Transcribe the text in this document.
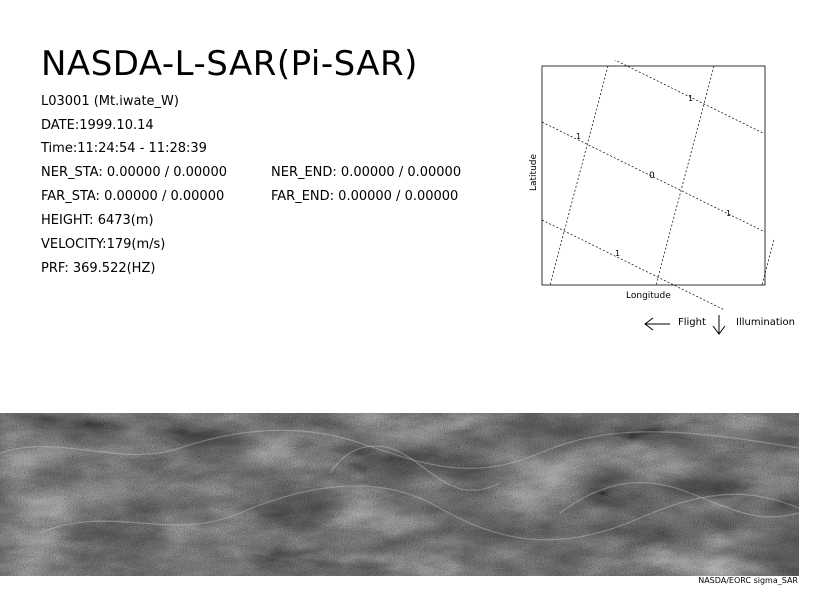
NASDA-L-SAR(Pi-SAR)
L03001 (Mt.iwate_W)
DATE:1999.10.14
Time:11:24:54 - 11:28:39
NER_STA: 0.00000 / 0.00000	NER_END: 0.00000 / 0.00000
FAR_STA: 0.00000 / 0.00000	FAR_END: 0.00000 / 0.00000
HEIGHT: 6473(m)
VELOCITY:179(m/s)
PRF: 369.522(HZ)
1
1
0
1
1
Latitude
Longitude
Flight	Illumination
NASDA/EORC sigma_SAR
